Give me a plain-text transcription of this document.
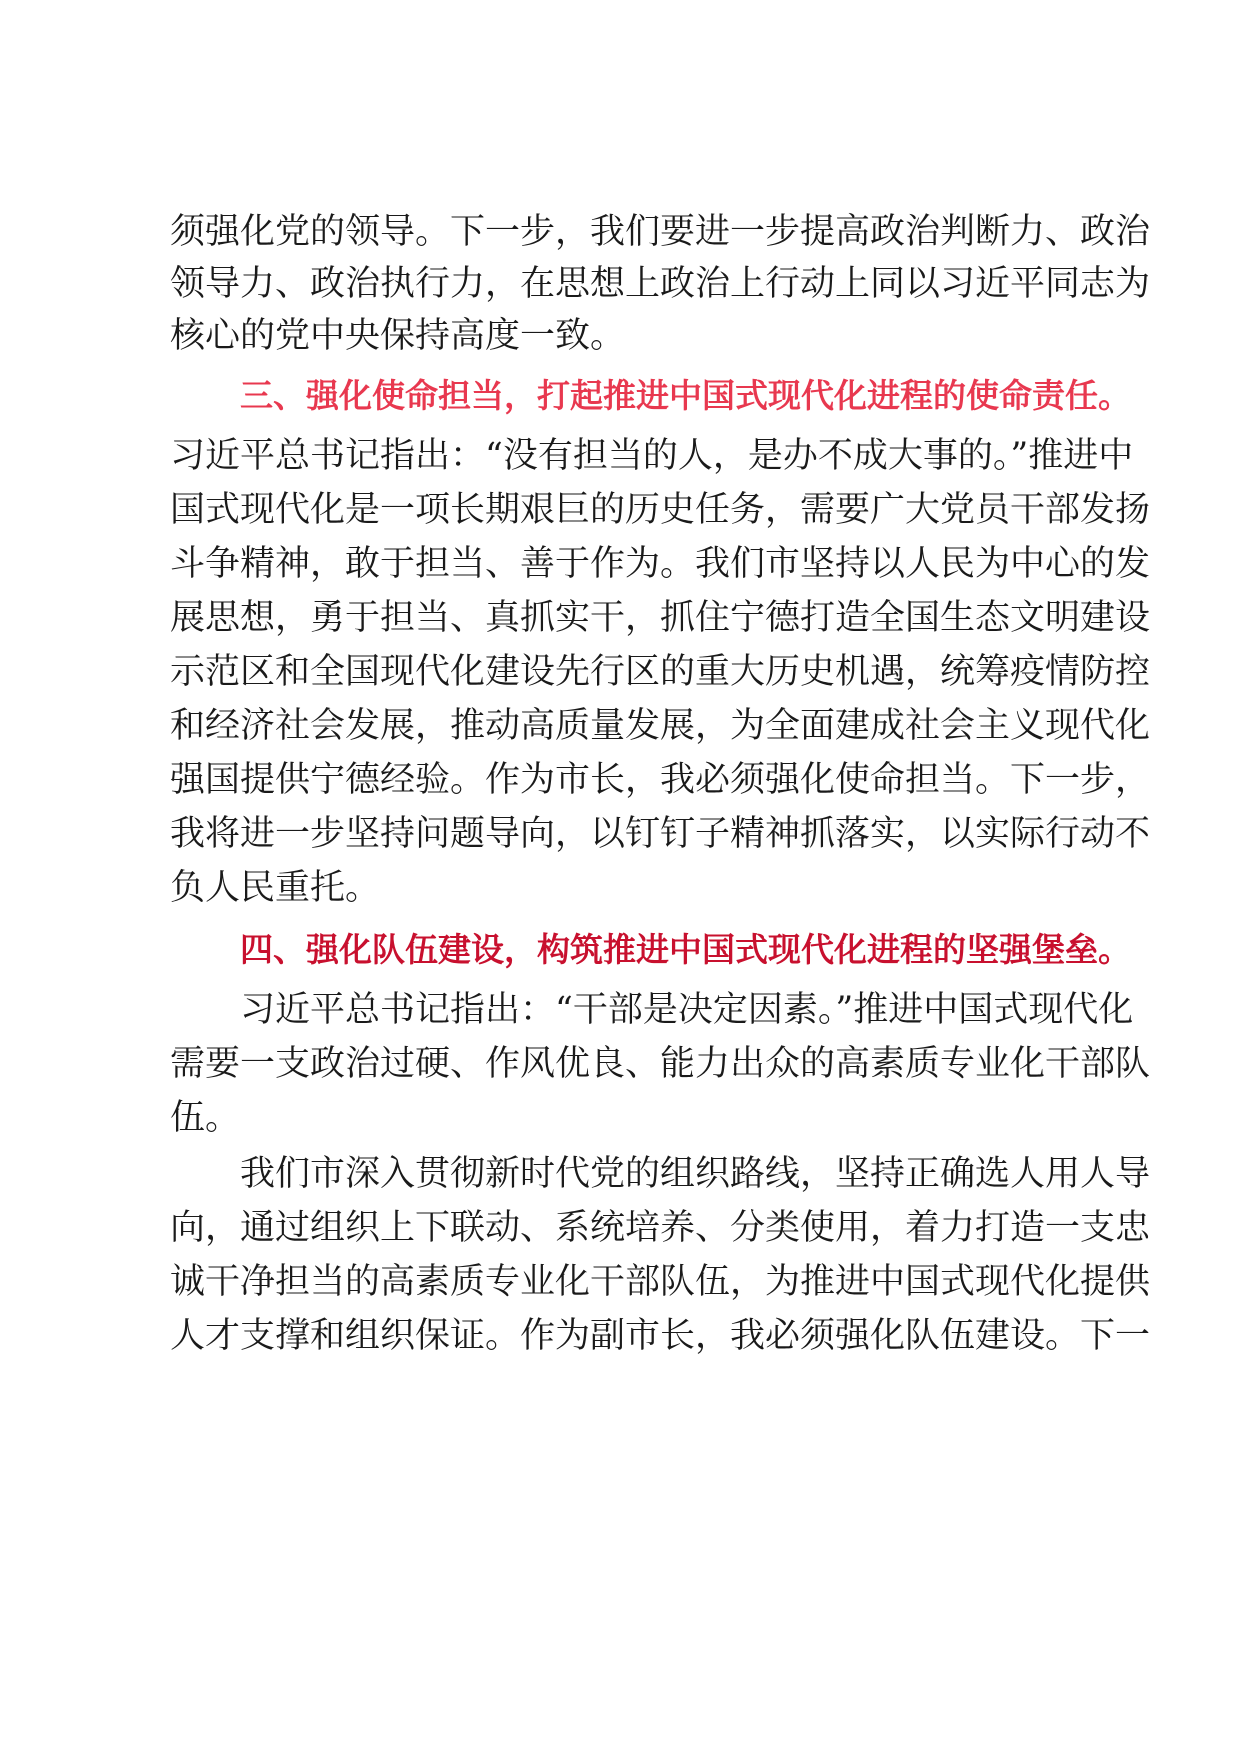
须强化党的领导。下一步，我们要进一步提高政治判断力、政治
领导力、政治执行力，在思想上政治上行动上同以习近平同志为
核心的党中央保持高度一致。
三、强化使命担当，打起推进中国式现代化进程的使命责任。
习近平总书记指出：“没有担当的人，是办不成大事的。”推进中
国式现代化是一项长期艰巨的历史任务，需要广大党员干部发扬
斗争精神，敢于担当、善于作为。我们市坚持以人民为中心的发
展思想，勇于担当、真抓实干，抓住宁德打造全国生态文明建设
示范区和全国现代化建设先行区的重大历史机遇，统筹疫情防控
和经济社会发展，推动高质量发展，为全面建成社会主义现代化
强国提供宁德经验。作为市长，我必须强化使命担当。下一步，
我将进一步坚持问题导向，以钉钉子精神抓落实，以实际行动不
负人民重托。
四、强化队伍建设，构筑推进中国式现代化进程的坚强堡垒。
习近平总书记指出：“干部是决定因素。”推进中国式现代化
需要一支政治过硬、作风优良、能力出众的高素质专业化干部队
伍。
我们市深入贯彻新时代党的组织路线，坚持正确选人用人导
向，通过组织上下联动、系统培养、分类使用，着力打造一支忠
诚干净担当的高素质专业化干部队伍，为推进中国式现代化提供
人才支撑和组织保证。作为副市长，我必须强化队伍建设。下一
